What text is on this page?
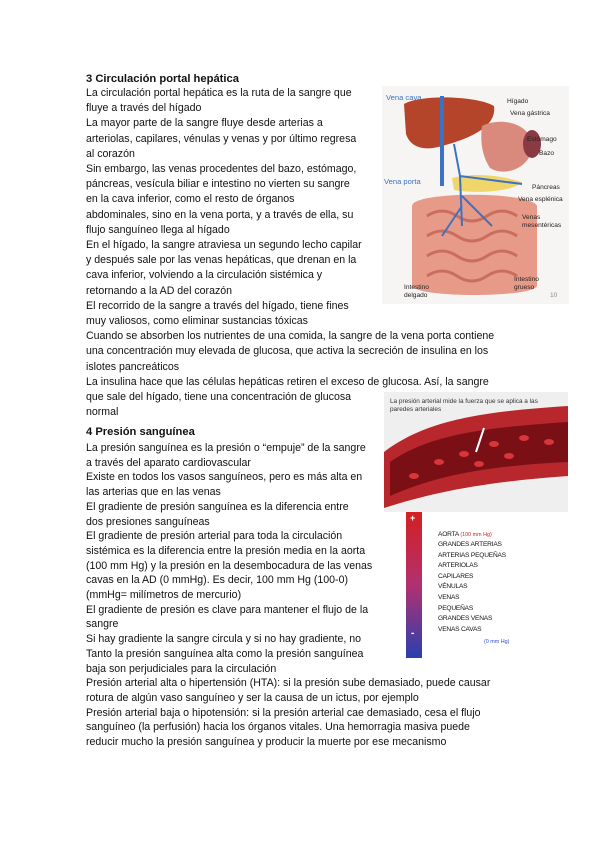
3 Circulación portal hepática

La circulación portal hepática es la ruta de la sangre que

fluye a través del hígado

La mayor parte de la sangre fluye desde arterias a

arteriolas, capilares, vénulas y venas y por último regresa

al corazón

Sin embargo, las venas procedentes del bazo, estómago,

páncreas, vesícula biliar e intestino no vierten su sangre

en la cava inferior, como el resto de órganos

abdominales, sino en la vena porta, y a través de ella, su

flujo sanguíneo llega al hígado

En el hígado, la sangre atraviesa un segundo lecho capilar

y después sale por las venas hepáticas, que drenan en la

cava inferior, volviendo a la circulación sistémica y

retornando a la AD del corazón

El recorrido de la sangre a través del hígado, tiene fines

muy valiosos, como eliminar sustancias tóxicas

Cuando se absorben los nutrientes de una comida, la sangre de la vena porta contiene

una concentración muy elevada de glucosa, que activa la secreción de insulina en los

islotes pancreáticos

La insulina hace que las células hepáticas retiren el exceso de glucosa. Así, la sangre

que sale del hígado, tiene una concentración de glucosa

normal

4 Presión sanguínea

La presión sanguínea es la presión o “empuje” de la sangre

a través del aparato cardiovascular

Existe en todos los vasos sanguíneos, pero es más alta en

las arterias que en las venas

El gradiente de presión sanguínea es la diferencia entre

dos presiones sanguíneas

El gradiente de presión arterial para toda la circulación

sistémica es la diferencia entre la presión media en la aorta

(100 mm Hg) y la presión en la desembocadura de las venas

cavas en la AD (0 mmHg). Es decir, 100 mm Hg (100-0)

(mmHg= milímetros de mercurio)

El gradiente de presión es clave para mantener el flujo de la

sangre

Si hay gradiente la sangre circula y si no hay gradiente, no

Tanto la presión sanguínea alta como la presión sanguínea

baja son perjudiciales para la circulación

Presión arterial alta o hipertensión (HTA): si la presión sube demasiado, puede causar

rotura de algún vaso sanguíneo y ser la causa de un ictus, por ejemplo

Presión arterial baja o hipotensión: si la presión arterial cae demasiado, cesa el flujo

sanguíneo (la perfusión) hacia los órganos vitales. Una hemorragia masiva puede

reducir mucho la presión sanguínea y producir la muerte por ese mecanismo

Vena cava	Hígado
Vena gástrica
Estómago
Bazo
Vena porta
Páncreas
Vena esplénica
Venas
mesentéricas
Intestino
delgado
Intestino
grueso
10
La presión arterial mide la fuerza que se aplica a las paredes arteriales
+
-
AORTA (100 mm Hg)
GRANDES ARTERIAS
ARTERIAS PEQUEÑAS
ARTERIOLAS
CAPILARES
VÉNULAS
VENAS
PEQUEÑAS
GRANDES VENAS
VENAS CAVAS
(0 mm Hg)
